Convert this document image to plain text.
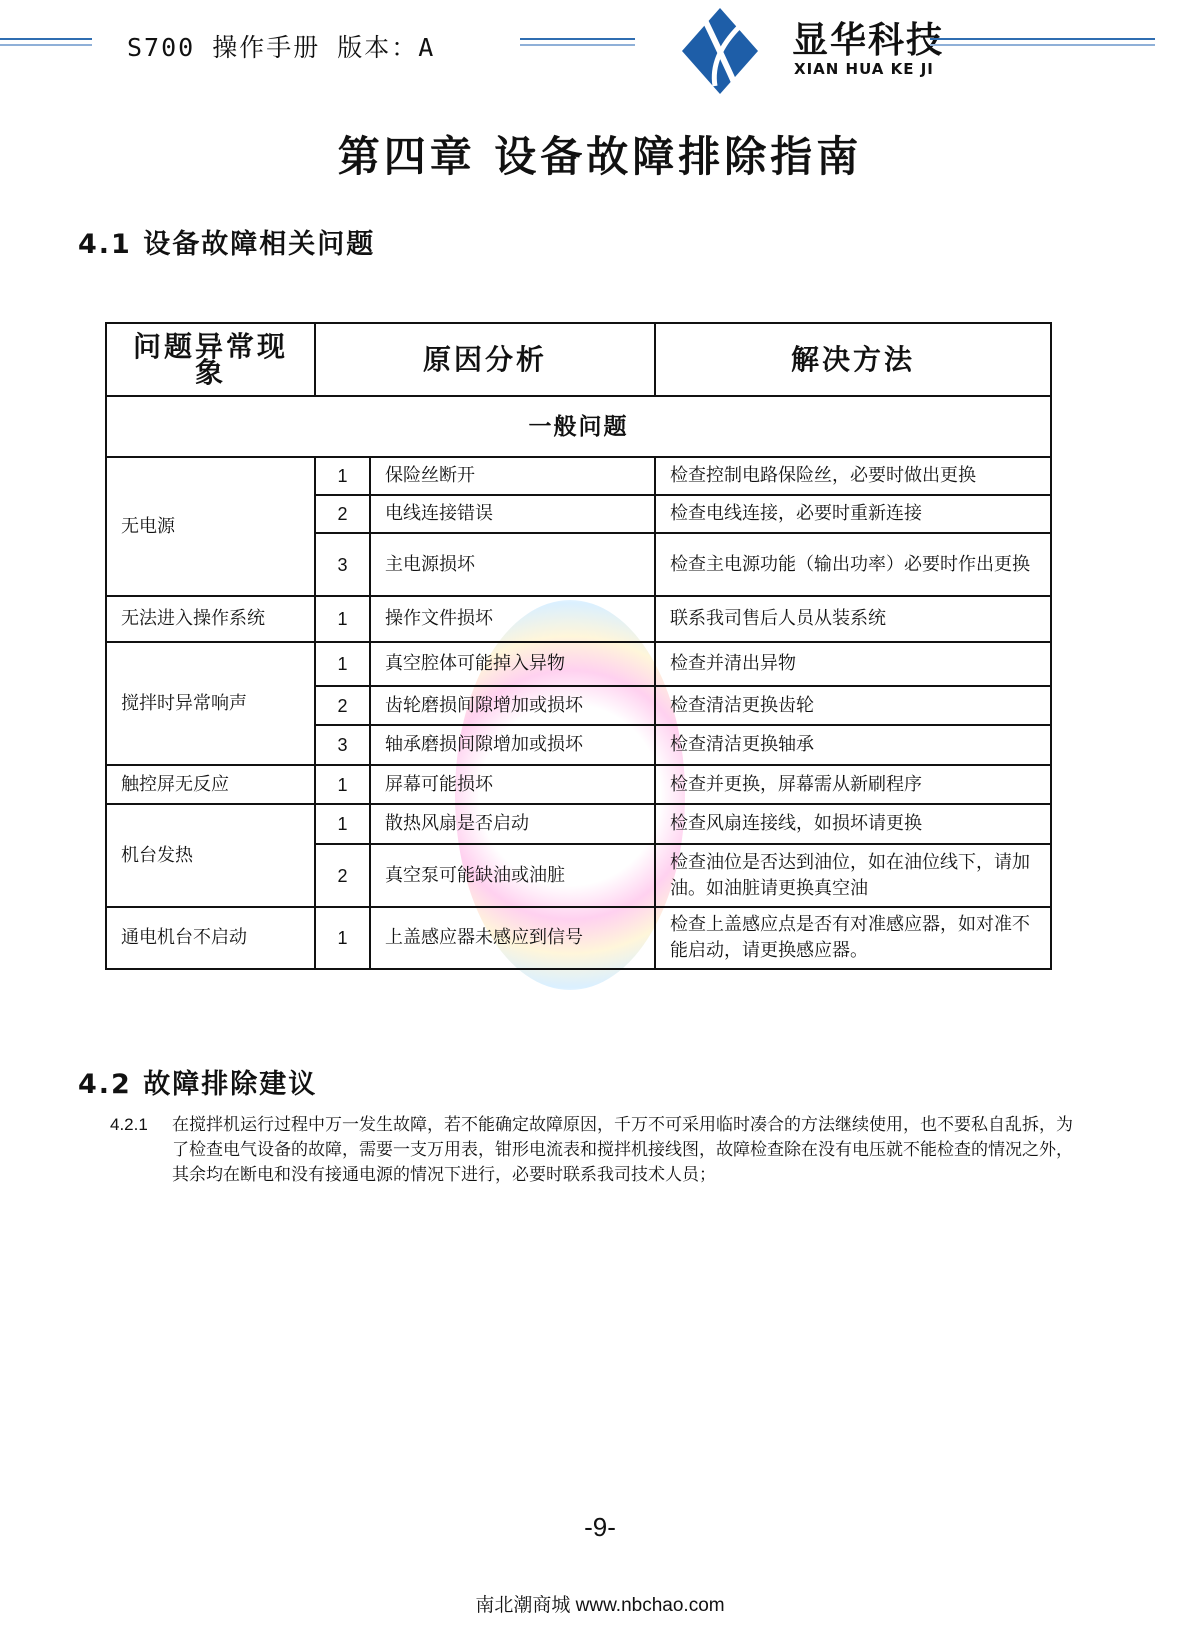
S700 操作手册 版本：A	显华科技
XIAN HUA KE JI
第四章 设备故障排除指南
4.1 设备故障相关问题
问题异常现象	原因分析		解决方法
一般问题			
无电源	1	保险丝断开	检查控制电路保险丝，必要时做出更换
	2	电线连接错误	检查电线连接，必要时重新连接
	3	主电源损坏	检查主电源功能（输出功率）必要时作出更换
无法进入操作系统	1	操作文件损坏	联系我司售后人员从装系统
搅拌时异常响声	1	真空腔体可能掉入异物	检查并清出异物
	2	齿轮磨损间隙增加或损坏	检查清洁更换齿轮
	3	轴承磨损间隙增加或损坏	检查清洁更换轴承
触控屏无反应	1	屏幕可能损坏	检查并更换，屏幕需从新刷程序
机台发热	1	散热风扇是否启动	检查风扇连接线，如损坏请更换
	2	真空泵可能缺油或油脏	检查油位是否达到油位，如在油位线下，请加油。如油脏请更换真空油
通电机台不启动	1	上盖感应器未感应到信号	检查上盖感应点是否有对准感应器，如对准不能启动，请更换感应器。
4.2 故障排除建议
4.2.1	在搅拌机运行过程中万一发生故障，若不能确定故障原因，千万不可采用临时凑合的方法继续使用，也不要私自乱拆，为了检查电气设备的故障，需要一支万用表，钳形电流表和搅拌机接线图，故障检查除在没有电压就不能检查的情况之外，其余均在断电和没有接通电源的情况下进行，必要时联系我司技术人员；
-9-
南北潮商城 www.nbchao.com
